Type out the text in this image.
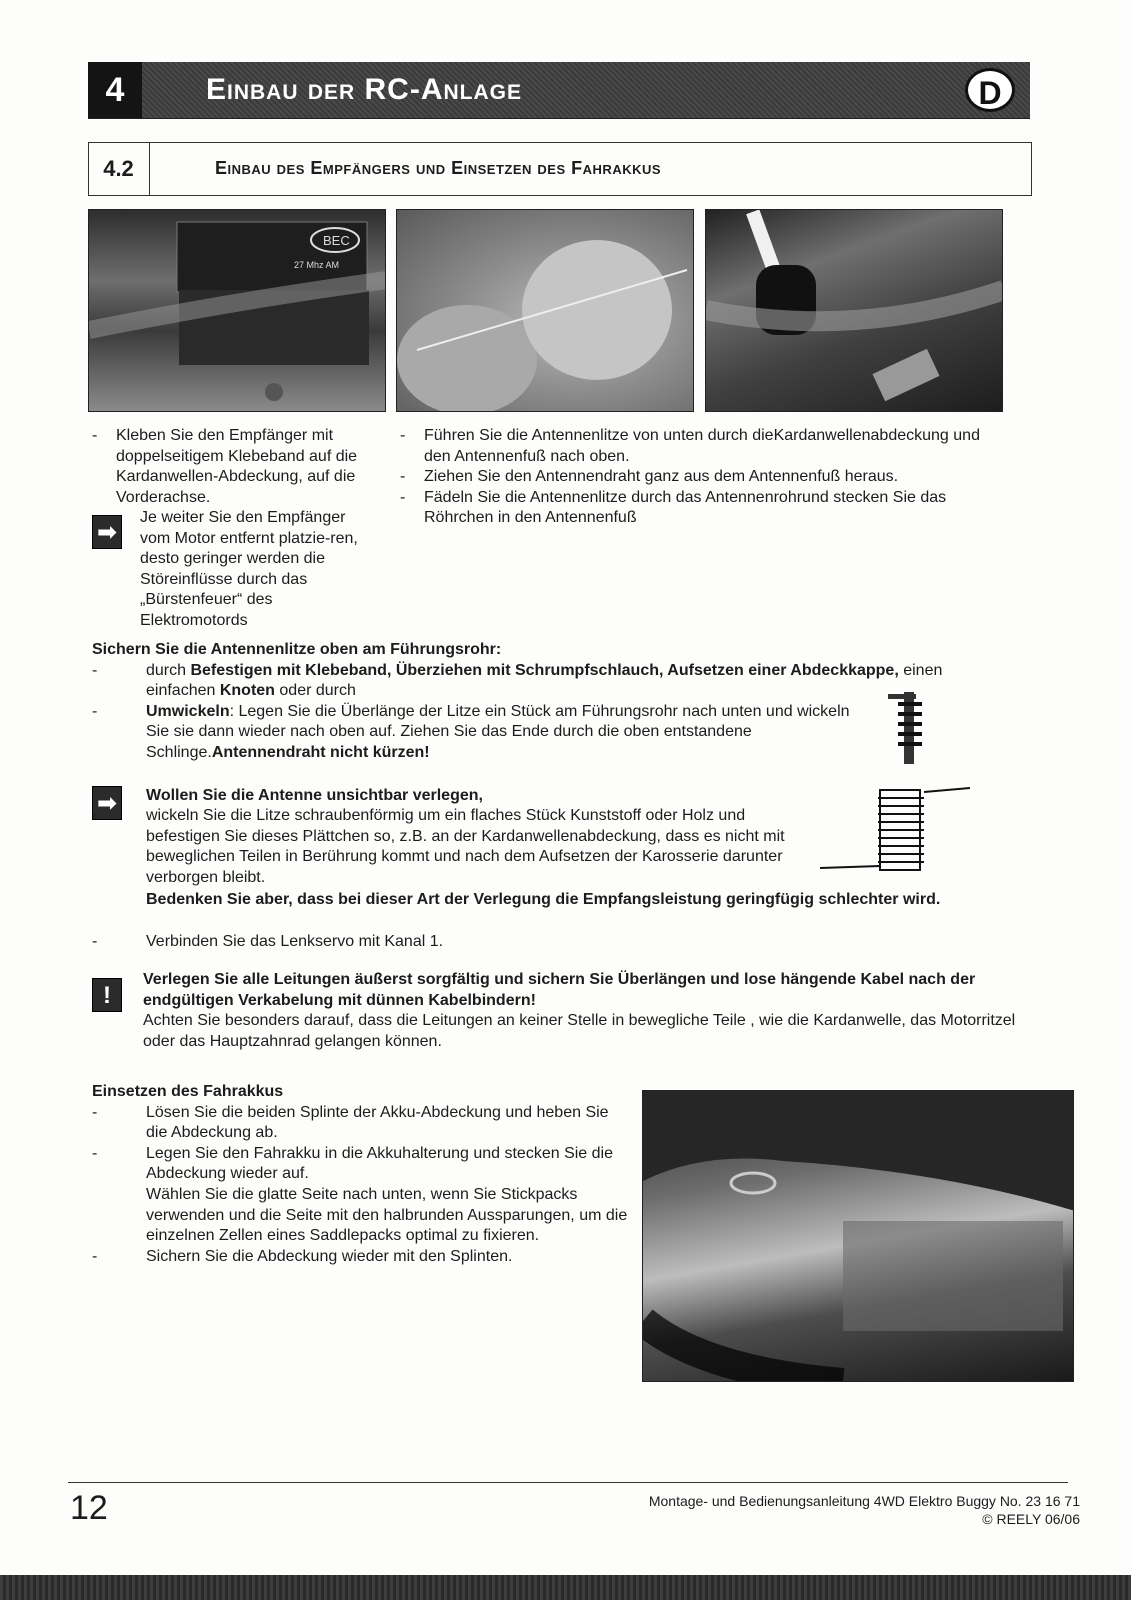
4	Einbau der RC-Anlage	D
4.2	Einbau des Empfängers und Einsetzen des Fahrakkus
BEC
27 Mhz AM
- Kleben Sie den Empfänger mit doppelseitigem Klebeband auf die Kardanwellen-Abdeckung, auf die Vorderachse.
➡
Je weiter Sie den Empfänger vom Motor entfernt platzie-ren, desto geringer werden die Störeinflüsse durch das „Bürstenfeuer“ des Elektromotords
- Führen Sie die Antennenlitze von unten durch dieKardanwellenabdeckung und den Antennenfuß nach oben.
- Ziehen Sie den Antennendraht ganz aus dem Antennenfuß heraus.
- Fädeln Sie die Antennenlitze durch das Antennenrohrund stecken Sie das Röhrchen in den Antennenfuß
Sichern Sie die Antennenlitze oben am Führungsrohr:
- durch Befestigen mit Klebeband, Überziehen mit Schrumpfschlauch, Aufsetzen einer Abdeckkappe, einen einfachen Knoten oder durch
- Umwickeln: Legen Sie die Überlänge der Litze ein Stück am Führungsrohr nach unten und wickeln Sie sie dann wieder nach oben auf. Ziehen Sie das Ende durch die oben entstandene Schlinge.Antennendraht nicht kürzen!
➡	Wollen Sie die Antenne unsichtbar verlegen,
- wickeln Sie die Litze schraubenförmig um ein flaches Stück Kunststoff oder Holz und befestigen Sie dieses Plättchen so, z.B. an der Kardanwellenabdeckung, dass es nicht mit beweglichen Teilen in Berührung kommt und nach dem Aufsetzen der Karosserie darunter verborgen bleibt.
Bedenken Sie aber, dass bei dieser Art der Verlegung die Empfangsleistung geringfügig schlechter wird.
- Verbinden Sie das Lenkservo mit Kanal 1.
!
Verlegen Sie alle Leitungen äußerst sorgfältig und sichern Sie Überlängen und lose hängende Kabel nach der endgültigen Verkabelung mit dünnen Kabelbindern!
Achten Sie besonders darauf, dass die Leitungen an keiner Stelle in bewegliche Teile , wie die Kardanwelle, das Motorritzel oder das Hauptzahnrad gelangen können.
Einsetzen des Fahrakkus
- Lösen Sie die beiden Splinte der Akku-Abdeckung und heben Sie die Abdeckung ab.
- Legen Sie den Fahrakku in die Akkuhalterung und stecken Sie die Abdeckung wieder auf.
Wählen Sie die glatte Seite nach unten, wenn Sie Stickpacks verwenden und die Seite mit den halbrunden Aussparungen, um die einzelnen Zellen eines Saddlepacks optimal zu fixieren.
- Sichern Sie die Abdeckung wieder mit den Splinten.
12	Montage- und Bedienungsanleitung 4WD Elektro Buggy No. 23 16 71
© REELY 06/06
